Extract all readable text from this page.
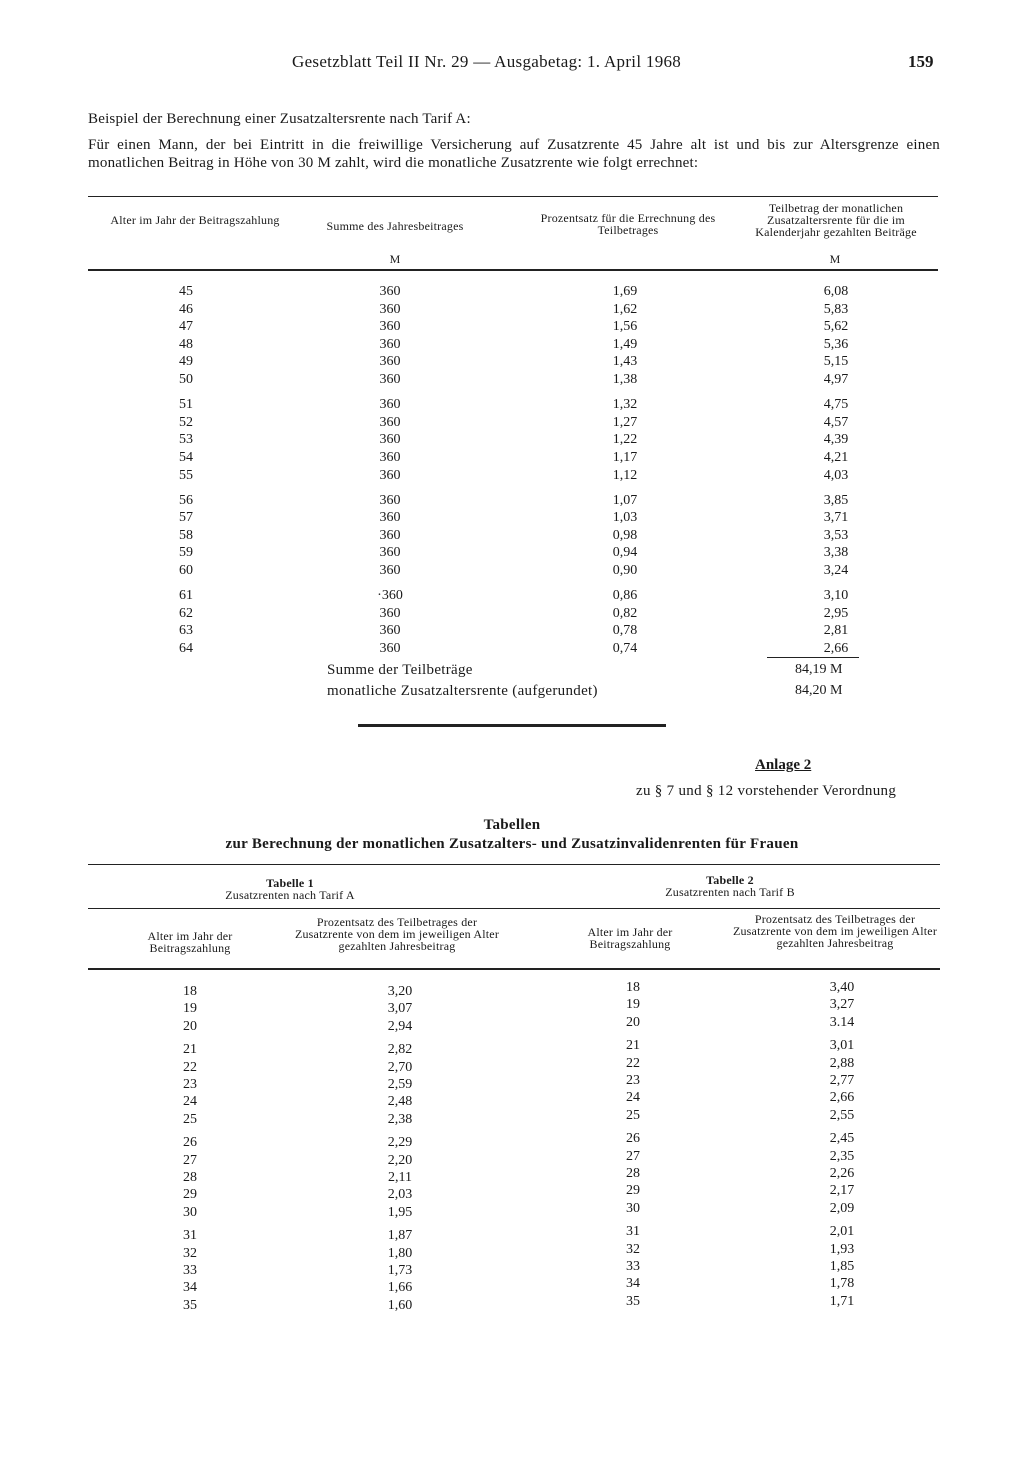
Gesetzblatt Teil II Nr. 29 — Ausgabetag: 1. April 1968	159
Beispiel der Berechnung einer Zusatzaltersrente nach Tarif A:
Für einen Mann, der bei Eintritt in die freiwillige Versicherung auf Zusatzrente 45 Jahre alt ist und bis zur Altersgrenze einen monatlichen Beitrag in Höhe von 30 M zahlt, wird die monatliche Zusatzrente wie folgt errechnet:
Alter im Jahr der Beitragszahlung	Summe des Jahresbeitrages
M
Prozentsatz für die Errechnung des Teilbetrages
Teilbetrag der monatlichen Zusatzaltersrente für die im Kalenderjahr gezahlten Beiträge
M
45	360	1,69	6,08
46	360	1,62	5,83
47	360	1,56	5,62
48	360	1,49	5,36
49	360	1,43	5,15
50	360	1,38	4,97
51	360	1,32	4,75
52	360	1,27	4,57
53	360	1,22	4,39
54	360	1,17	4,21
55	360	1,12	4,03
56	360	1,07	3,85
57	360	1,03	3,71
58	360	0,98	3,53
59	360	0,94	3,38
60	360	0,90	3,24
61	·360	0,86	3,10
62	360	0,82	2,95
63	360	0,78	2,81
64	360	0,74	2,66
Summe der Teilbeträge	84,19 M
monatliche Zusatzaltersrente (aufgerundet)	84,20 M
Anlage 2
zu § 7 und § 12 vorstehender Verordnung
Tabellen
zur Berechnung der monatlichen Zusatzalters- und Zusatzinvalidenrenten für Frauen
Tabelle 1
Zusatzrenten nach Tarif A
Tabelle 2
Zusatzrenten nach Tarif B
Alter im Jahr der Beitragszahlung
Prozentsatz des Teilbetrages der Zusatzrente von dem im jeweiligen Alter gezahlten Jahresbeitrag
Alter im Jahr der Beitragszahlung
Prozentsatz des Teilbetrages der Zusatzrente von dem im jeweiligen Alter gezahlten Jahresbeitrag
18	3,20
19	3,07
20	2,94
21	2,82
22	2,70
23	2,59
24	2,48
25	2,38
26	2,29
27	2,20
28	2,11
29	2,03
30	1,95
31	1,87
32	1,80
33	1,73
34	1,66
35	1,60
18	3,40
19	3,27
20	3.14
21	3,01
22	2,88
23	2,77
24	2,66
25	2,55
26	2,45
27	2,35
28	2,26
29	2,17
30	2,09
31	2,01
32	1,93
33	1,85
34	1,78
35	1,71
